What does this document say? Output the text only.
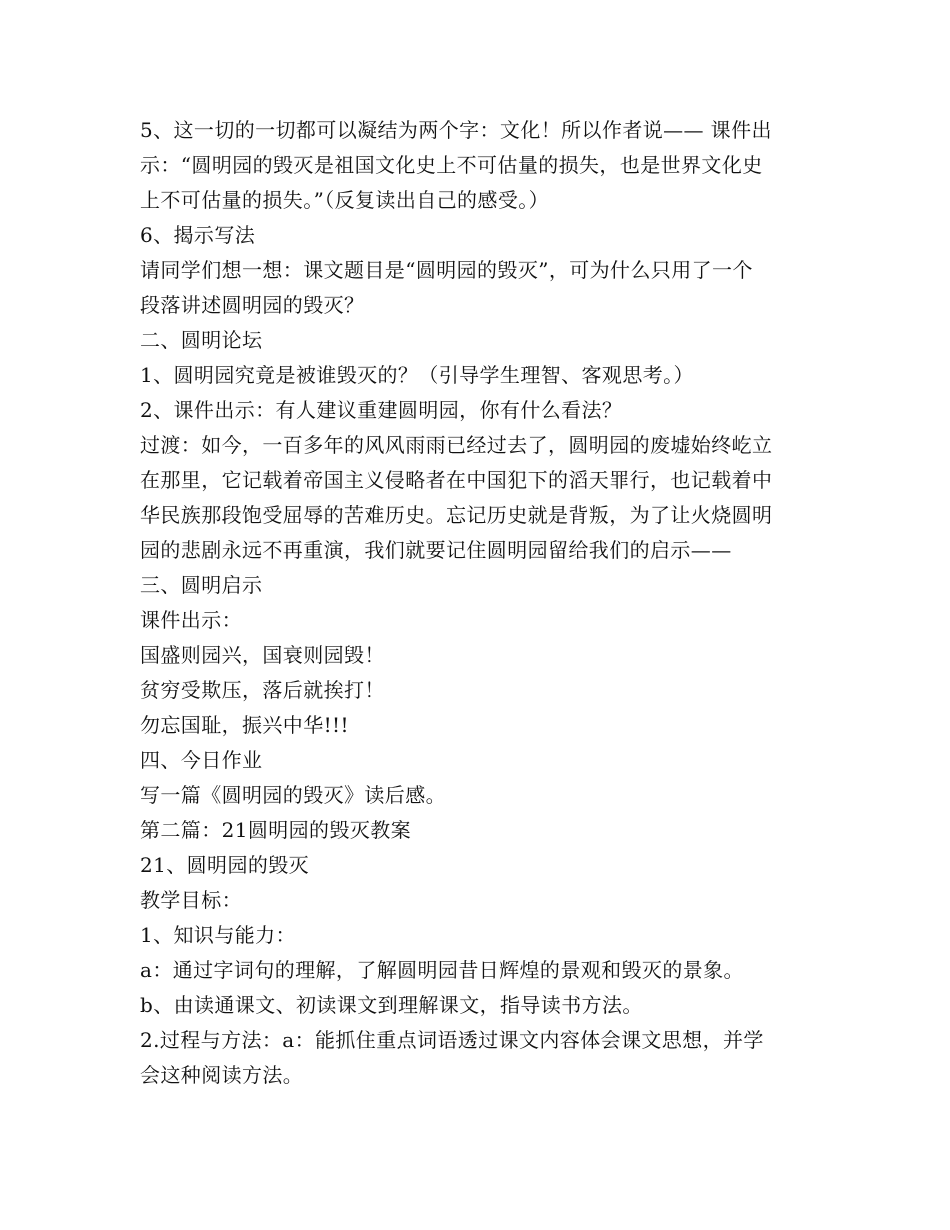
5、这一切的一切都可以凝结为两个字：文化！所以作者说—— 课件出
示：“圆明园的毁灭是祖国文化史上不可估量的损失，也是世界文化史
上不可估量的损失。”（反复读出自己的感受。）
6、揭示写法
请同学们想一想：课文题目是“圆明园的毁灭”，可为什么只用了一个
段落讲述圆明园的毁灭？
二、圆明论坛
1、圆明园究竟是被谁毁灭的？（引导学生理智、客观思考。）
2、课件出示：有人建议重建圆明园，你有什么看法？
过渡：如今，一百多年的风风雨雨已经过去了，圆明园的废墟始终屹立
在那里，它记载着帝国主义侵略者在中国犯下的滔天罪行，也记载着中
华民族那段饱受屈辱的苦难历史。忘记历史就是背叛，为了让火烧圆明
园的悲剧永远不再重演，我们就要记住圆明园留给我们的启示——
三、圆明启示
课件出示：
国盛则园兴，国衰则园毁！
贫穷受欺压，落后就挨打！
勿忘国耻，振兴中华!!!
四、今日作业
写一篇《圆明园的毁灭》读后感。
第二篇：21圆明园的毁灭教案
21、圆明园的毁灭
教学目标：
1、知识与能力：
a：通过字词句的理解，了解圆明园昔日辉煌的景观和毁灭的景象。
b、由读通课文、初读课文到理解课文，指导读书方法。
2.过程与方法：a：能抓住重点词语透过课文内容体会课文思想，并学
会这种阅读方法。
